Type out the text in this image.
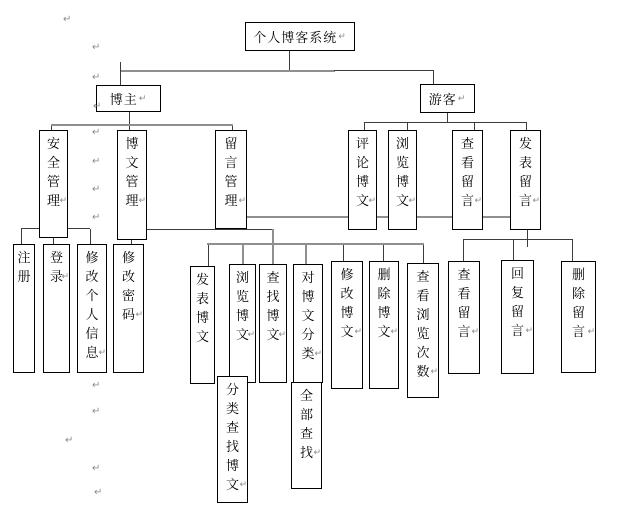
个人博客系统 ↵
博主 ↵	游客 ↵
安全管理 ↵
博文管理 ↵
留言管理 ↵
评论博文 ↵
浏览博文 ↵
查看留言 ↵
发表留言 ↵
注册
登录
↵
修改个人信息 ↵
修改密码 ↵
发表博文
浏览博文
↵
查找博文
↵
对博文分类 ↵
修改博文 ↵
删除博文 ↵
查看浏览次数 ↵
分类查找博文 ↵
全部查找 ↵
查看留言 ↵
回复留言 ↵
删除留言 ↵
↵
↵
↵
↵
↵
↵
↵
↵
↵
↵
↵
↵
↵
